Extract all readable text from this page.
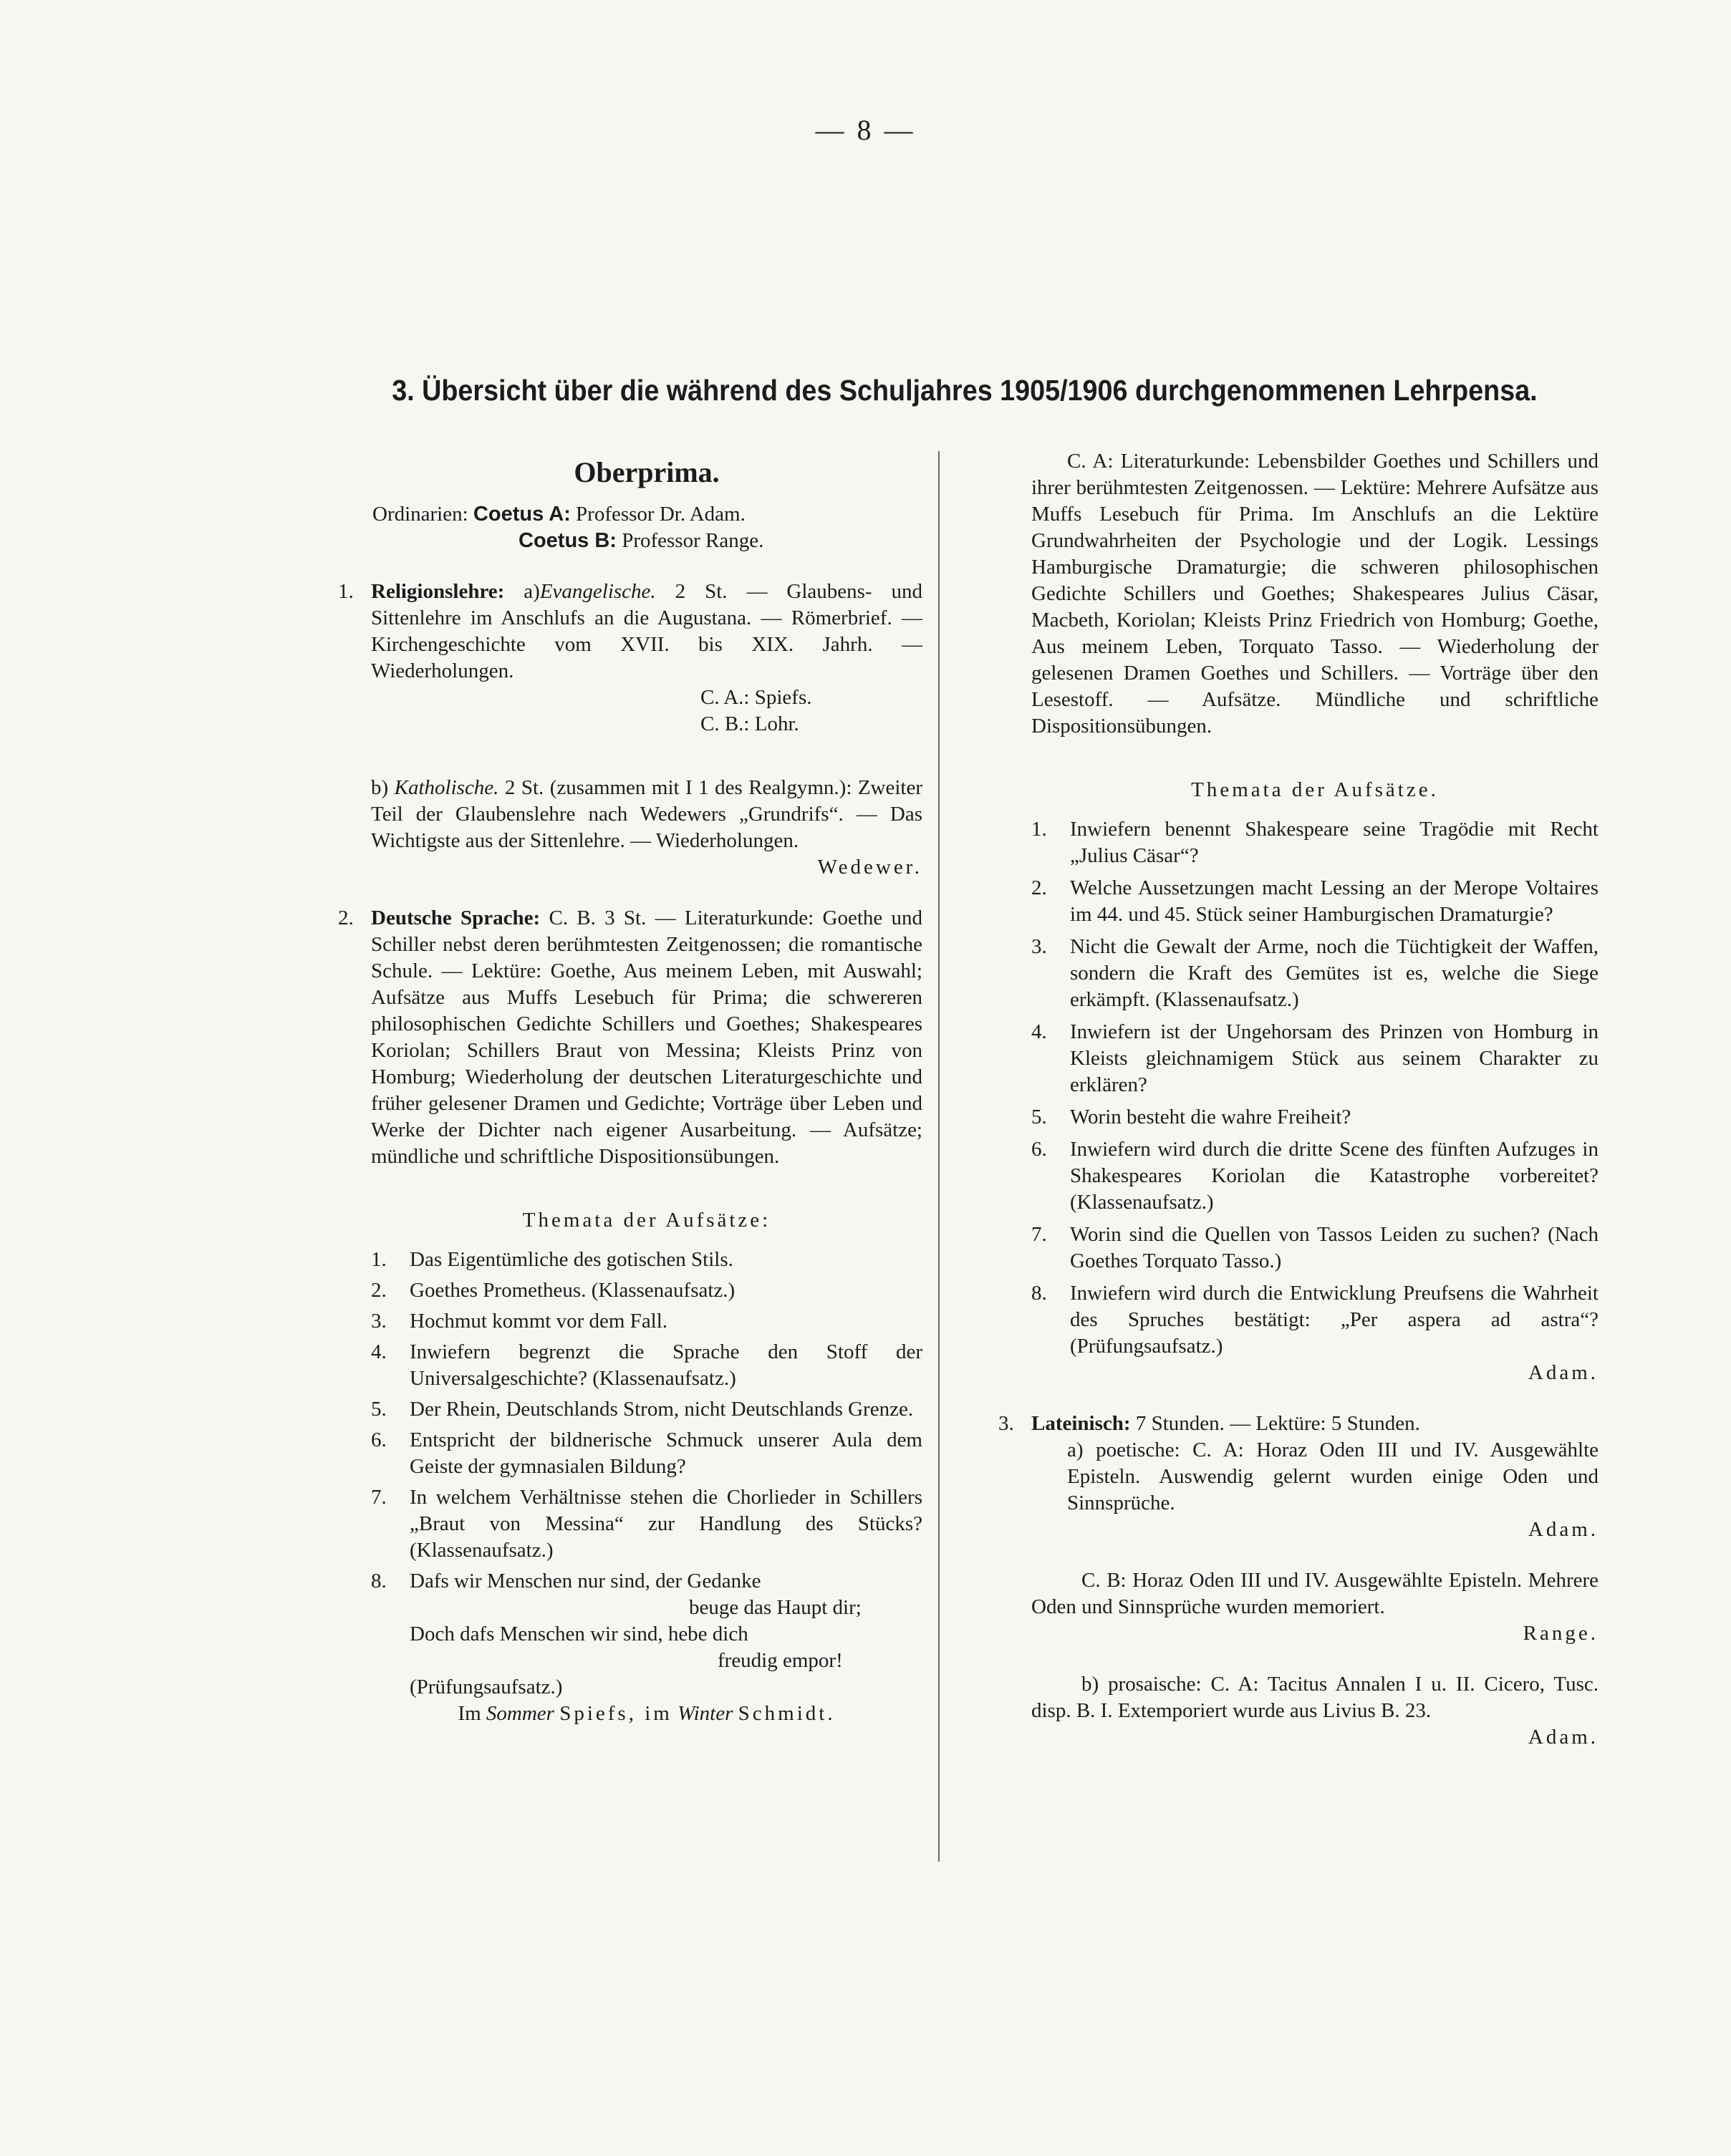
— 8 —
3. Übersicht über die während des Schuljahres 1905/1906 durchgenommenen Lehrpensa.
Oberprima.

Ordinarien: Coetus A: Professor Dr. Adam.

Coetus B: Professor Range.

1. Religionslehre: a)Evangelische. 2 St. — Glaubens- und Sittenlehre im Anschlufs an die Augustana. — Römerbrief. — Kirchengeschichte vom XVII. bis XIX. Jahrh. — Wiederholungen.

C. A.: Spiefs.

C. B.: Lohr.

b) Katholische. 2 St. (zusammen mit I 1 des Realgymn.): Zweiter Teil der Glaubenslehre nach Wedewers „Grundrifs“. — Das Wichtigste aus der Sittenlehre. — Wiederholungen.

Wedewer.

2. Deutsche Sprache: C. B. 3 St. — Literaturkunde: Goethe und Schiller nebst deren berühmtesten Zeitgenossen; die romantische Schule. — Lektüre: Goethe, Aus meinem Leben, mit Auswahl; Aufsätze aus Muffs Lesebuch für Prima; die schwereren philosophischen Gedichte Schillers und Goethes; Shakespeares Koriolan; Schillers Braut von Messina; Kleists Prinz von Homburg; Wiederholung der deutschen Literaturgeschichte und früher gelesener Dramen und Gedichte; Vorträge über Leben und Werke der Dichter nach eigener Ausarbeitung. — Aufsätze; mündliche und schriftliche Dispositionsübungen.

Themata der Aufsätze:

1.	Das Eigentümliche des gotischen Stils.
2.	Goethes Prometheus. (Klassenaufsatz.)
3.	Hochmut kommt vor dem Fall.
4.	Inwiefern begrenzt die Sprache den Stoff der Universalgeschichte? (Klassenaufsatz.)
5.	Der Rhein, Deutschlands Strom, nicht Deutschlands Grenze.
6.	Entspricht der bildnerische Schmuck unserer Aula dem Geiste der gymnasialen Bildung?
7.	In welchem Verhältnisse stehen die Chorlieder in Schillers „Braut von Messina“ zur Handlung des Stücks? (Klassenaufsatz.)
8.	Dafs wir Menschen nur sind, der Gedanke
beuge das Haupt dir;
Doch dafs Menschen wir sind, hebe dich
freudig empor!
(Prüfungsaufsatz.)

Im Sommer Spiefs, im Winter Schmidt.

C. A: Literaturkunde: Lebensbilder Goethes und Schillers und ihrer berühmtesten Zeitgenossen. — Lektüre: Mehrere Aufsätze aus Muffs Lesebuch für Prima. Im Anschlufs an die Lektüre Grundwahrheiten der Psychologie und der Logik. Lessings Hamburgische Dramaturgie; die schweren philosophischen Gedichte Schillers und Goethes; Shakespeares Julius Cäsar, Macbeth, Koriolan; Kleists Prinz Friedrich von Homburg; Goethe, Aus meinem Leben, Torquato Tasso. — Wiederholung der gelesenen Dramen Goethes und Schillers. — Vorträge über den Lesestoff. — Aufsätze. Mündliche und schriftliche Dispositionsübungen.

Themata der Aufsätze.

1.	Inwiefern benennt Shakespeare seine Tragödie mit Recht „Julius Cäsar“?
2.	Welche Aussetzungen macht Lessing an der Merope Voltaires im 44. und 45. Stück seiner Hamburgischen Dramaturgie?
3.	Nicht die Gewalt der Arme, noch die Tüchtigkeit der Waffen, sondern die Kraft des Gemütes ist es, welche die Siege erkämpft. (Klassenaufsatz.)
4.	Inwiefern ist der Ungehorsam des Prinzen von Homburg in Kleists gleichnamigem Stück aus seinem Charakter zu erklären?
5.	Worin besteht die wahre Freiheit?
6.	Inwiefern wird durch die dritte Scene des fünften Aufzuges in Shakespeares Koriolan die Katastrophe vorbereitet? (Klassenaufsatz.)
7.	Worin sind die Quellen von Tassos Leiden zu suchen? (Nach Goethes Torquato Tasso.)
8.	Inwiefern wird durch die Entwicklung Preufsens die Wahrheit des Spruches bestätigt: „Per aspera ad astra“? (Prüfungsaufsatz.)

Adam.

3. Lateinisch: 7 Stunden. — Lektüre: 5 Stunden.

a) poetische: C. A: Horaz Oden III und IV. Ausgewählte Episteln. Auswendig gelernt wurden einige Oden und Sinnsprüche.

Adam.

C. B: Horaz Oden III und IV. Ausgewählte Episteln. Mehrere Oden und Sinnsprüche wurden memoriert.

Range.

b) prosaische: C. A: Tacitus Annalen I u. II. Cicero, Tusc. disp. B. I. Extemporiert wurde aus Livius B. 23.

Adam.
